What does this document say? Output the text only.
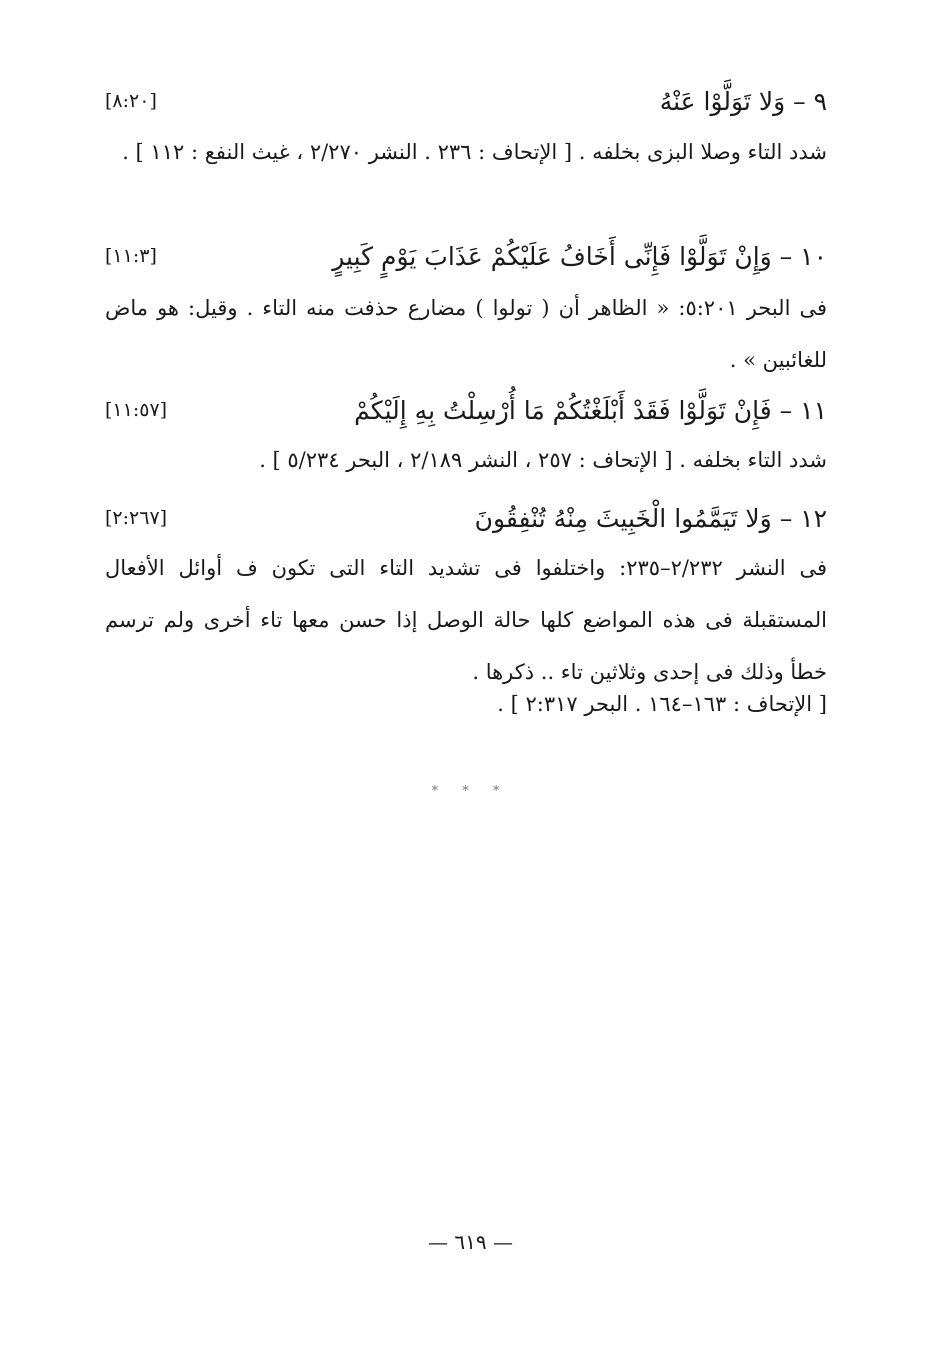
٩ – وَلا تَوَلَّوْا عَنْهُ
[٨:٢٠]
شدد التاء وصلا البزى بخلفه . [ الإتحاف : ٢٣٦ . النشر ٢/٢٧٠ ، غيث النفع : ١١٢ ] .
١٠ – وَإِنْ تَوَلَّوْا فَإِنِّى أَخَافُ عَلَيْكُمْ عَذَابَ يَوْمٍ كَبِيرٍ
[١١:٣]
فى البحر ٥:٢٠١: « الظاهر أن ( تولوا ) مضارع حذفت منه التاء . وقيل: هو ماض للغائبين » .
١١ – فَإِنْ تَوَلَّوْا فَقَدْ أَبْلَغْتُكُمْ مَا أُرْسِلْتُ بِهِ إِلَيْكُمْ
[١١:٥٧]
شدد التاء بخلفه . [ الإتحاف : ٢٥٧ ، النشر ٢/١٨٩ ، البحر ٥/٢٣٤ ] .
١٢ – وَلا تَيَمَّمُوا الْخَبِيثَ مِنْهُ تُنْفِقُونَ
[٢:٢٦٧]
فى النشر ٢/٢٣٢–٢٣٥: واختلفوا فى تشديد التاء التى تكون ف أوائل الأفعال المستقبلة فى هذه المواضع كلها حالة الوصل إذا حسن معها تاء أخرى ولم ترسم خطأ وذلك فى إحدى وثلاثين تاء .. ذكرها .
[ الإتحاف : ١٦٣–١٦٤ . البحر ٢:٣١٧ ] .
* * *
— ٦١٩ —
